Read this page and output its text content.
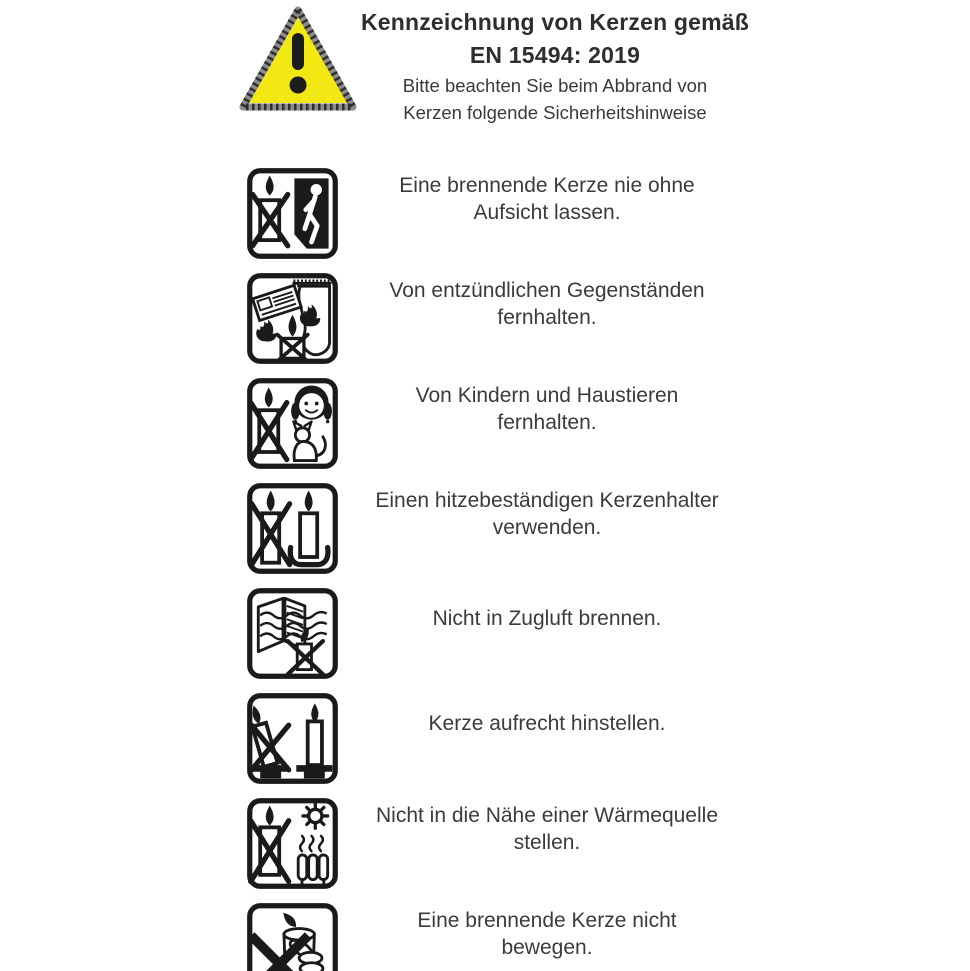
Kennzeichnung von Kerzen gemäß
EN 15494: 2019
Bitte beachten Sie beim Abbrand von
Kerzen folgende Sicherheitshinweise
Eine brennende Kerze nie ohne
Aufsicht lassen.
Von entzündlichen Gegenständen
fernhalten.
Von Kindern und Haustieren
fernhalten.
Einen hitzebeständigen Kerzenhalter
verwenden.
Nicht in Zugluft brennen.
Kerze aufrecht hinstellen.
Nicht in die Nähe einer Wärmequelle
stellen.
Eine brennende Kerze nicht
bewegen.
